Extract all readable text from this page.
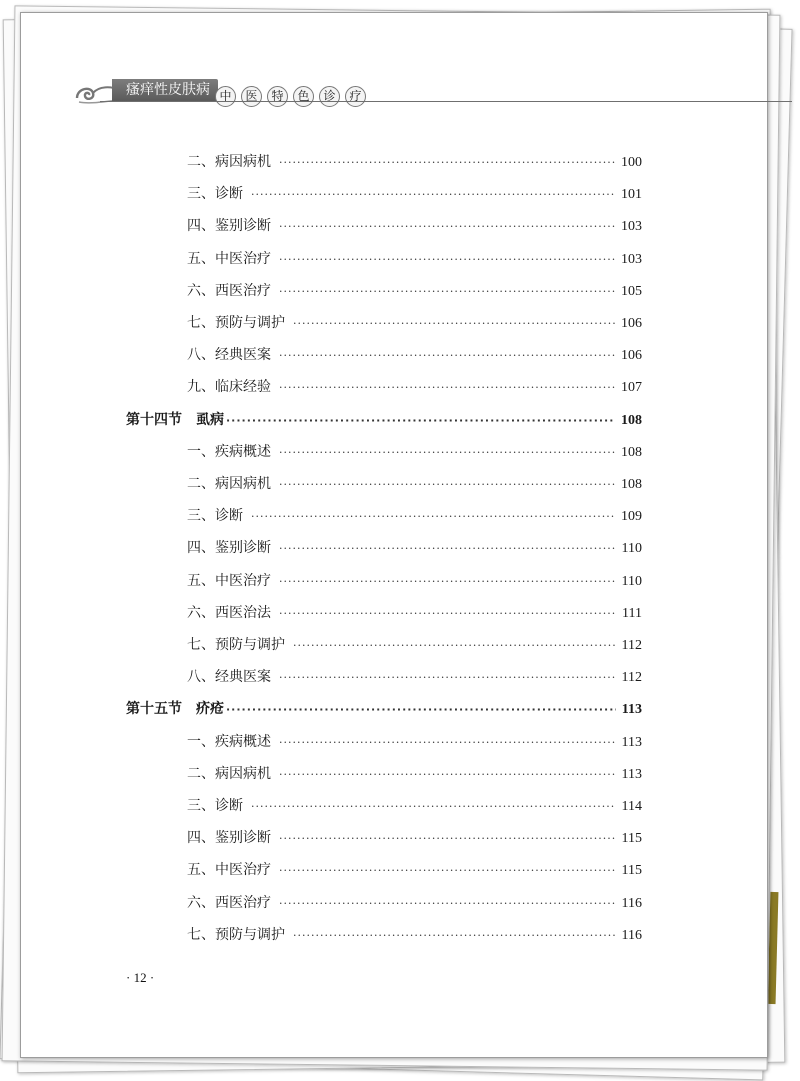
瘙痒性皮肤病 中	医	特	色	诊	疗
二、病因病机 ·····	100
三、诊断 ·····	101
四、鉴别诊断 ·····	103
五、中医治疗 ·····	103
六、西医治疗 ·····	105
七、预防与调护 ·····	106
八、经典医案 ·····	106
九、临床经验 ·····	107
第十四节 虱病 ·····	108
一、疾病概述 ·····	108
二、病因病机 ·····	108
三、诊断 ·····	109
四、鉴别诊断 ·····	110
五、中医治疗 ·····	110
六、西医治法 ·····	111
七、预防与调护 ·····	112
八、经典医案 ·····	112
第十五节 疥疮 ·····	113
一、疾病概述 ·····	113
二、病因病机 ·····	113
三、诊断 ·····	114
四、鉴别诊断 ·····	115
五、中医治疗 ·····	115
六、西医治疗 ·····	116
七、预防与调护 ·····	116
· 12 ·
